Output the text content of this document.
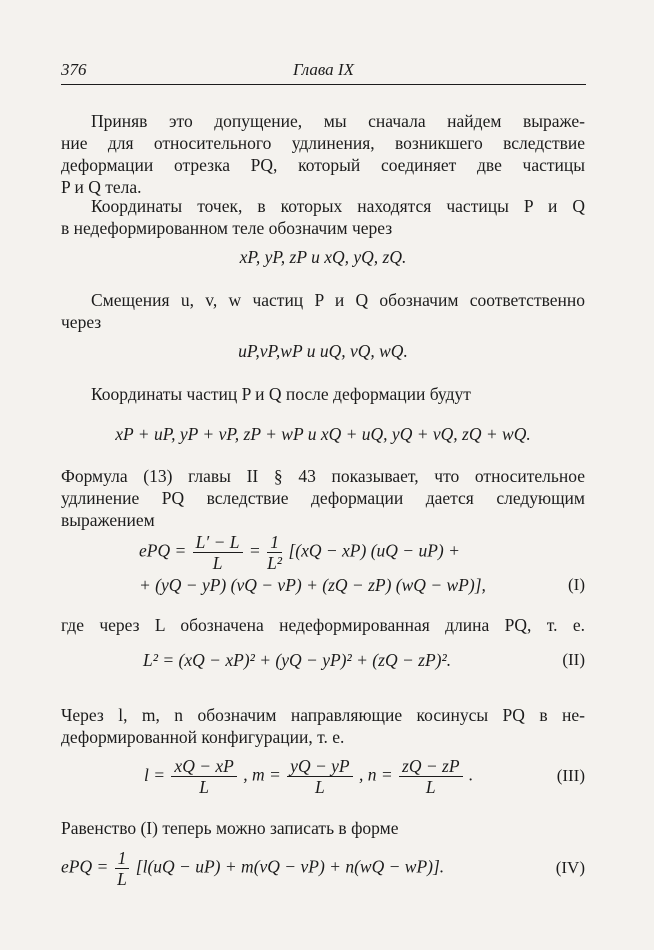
376	Глава IX
Приняв это допущение, мы сначала найдем выраже-
ние для относительного удлинения, возникшего вследствие
деформации отрезка PQ, который соединяет две частицы
P и Q тела.
Координаты точек, в которых находятся частицы P и Q
в недеформированном теле обозначим через
xP, yP, zP и xQ, yQ, zQ.
Смещения u, v, w частиц P и Q обозначим соответственно
через
uP,vP,wP и uQ, vQ, wQ.
Координаты частиц P и Q после деформации будут
xP + uP, yP + vP, zP + wP и xQ + uQ, yQ + vQ, zQ + wQ.
Формула (13) главы II § 43 показывает, что относительное
удлинение PQ вследствие деформации дается следующим
выражением
ePQ = $\frac{L' - L}{L} = \frac{1}{\text{L²}} [(xQ - xP) (uQ - uP)$ +
+ (yQ − yP) (vQ − vP) + (zQ − zP) (wQ − wP)],	(I)
где через L обозначена недеформированная длина PQ, т. е.
L² = (xQ − xP)² + (yQ − yP)² + (zQ − zP)².	(II)
Через l, m, n обозначим направляющие косинусы PQ в не-
деформированной конфигурации, т. е.
$l = \frac{xQ - xP}{L}$ , $m = \frac{yQ - yP}{L}$ , $n = \frac{zQ - zP}{L}$ .	(III)
Равенство (I) теперь можно записать в форме
ePQ = $\frac{1}{L} [l(uQ - uP) + m(vQ - vP) + n(wQ - wP)]$.	(IV)
